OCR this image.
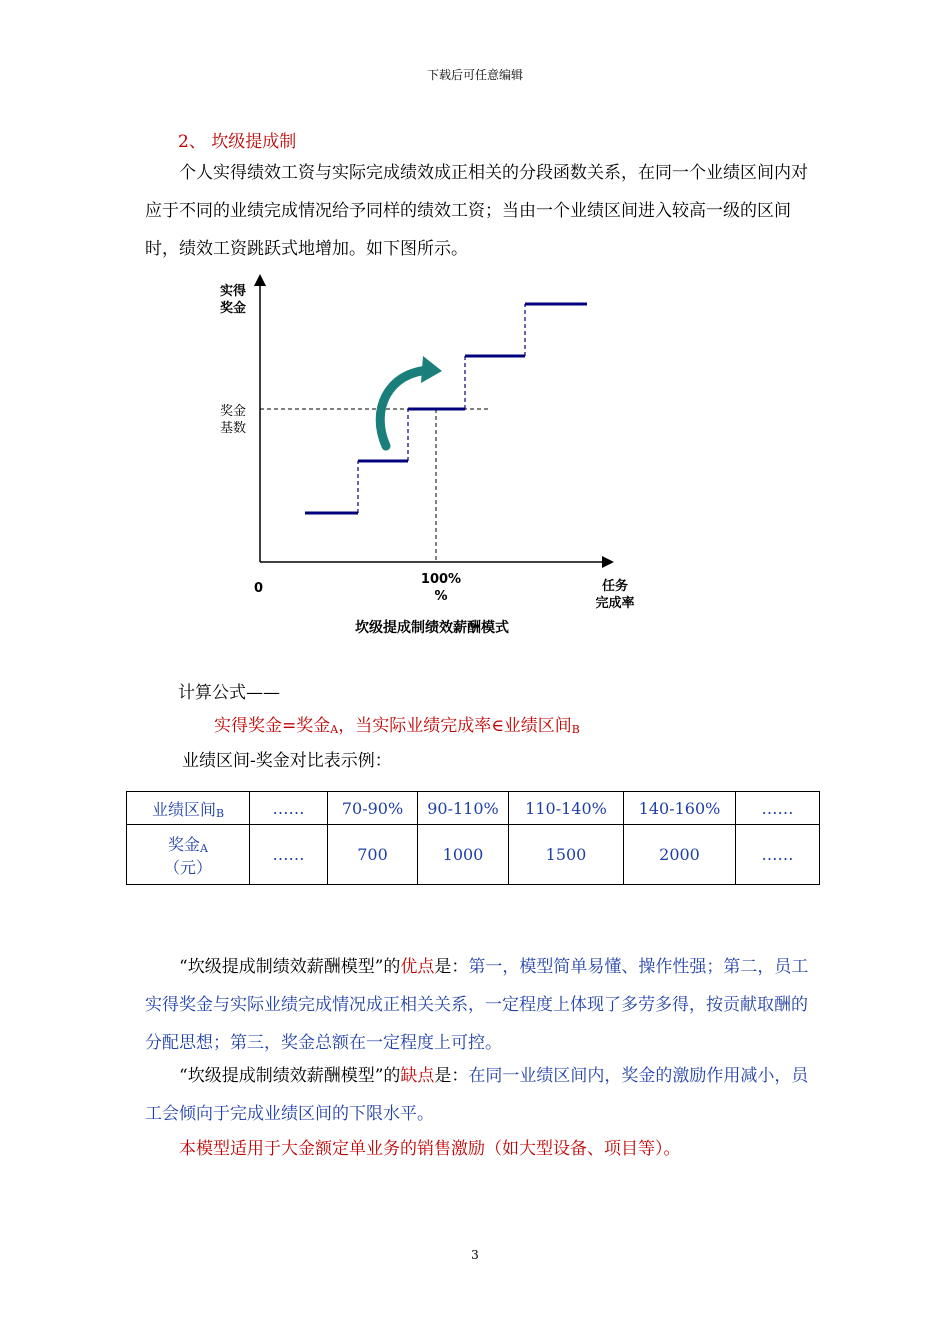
下载后可任意编辑
2、 坎级提成制
个人实得绩效工资与实际完成绩效成正相关的分段函数关系，在同一个业绩区间内对应于不同的业绩完成情况给予同样的绩效工资；当由一个业绩区间进入较高一级的区间时，绩效工资跳跃式地增加。如下图所示。
实得
奖金
奖金
基数
0
100%
%
任务
完成率
坎级提成制绩效薪酬模式
计算公式——
实得奖金=奖金$_A$，当实际业绩完成率∈业绩区间$_B$
业绩区间-奖金对比表示例：
业绩区间$_B$	……	70-90%	90-110%	110-140%	140-160%	……
奖金$_A$
（元）	……	700	1000	1500	2000	……
“坎级提成制绩效薪酬模型”的优点是：第一，模型简单易懂、操作性强；第二，员工实得奖金与实际业绩完成情况成正相关关系，一定程度上体现了多劳多得，按贡献取酬的分配思想；第三，奖金总额在一定程度上可控。
“坎级提成制绩效薪酬模型”的缺点是：在同一业绩区间内，奖金的激励作用减小，员工会倾向于完成业绩区间的下限水平。
本模型适用于大金额定单业务的销售激励（如大型设备、项目等）。
3
